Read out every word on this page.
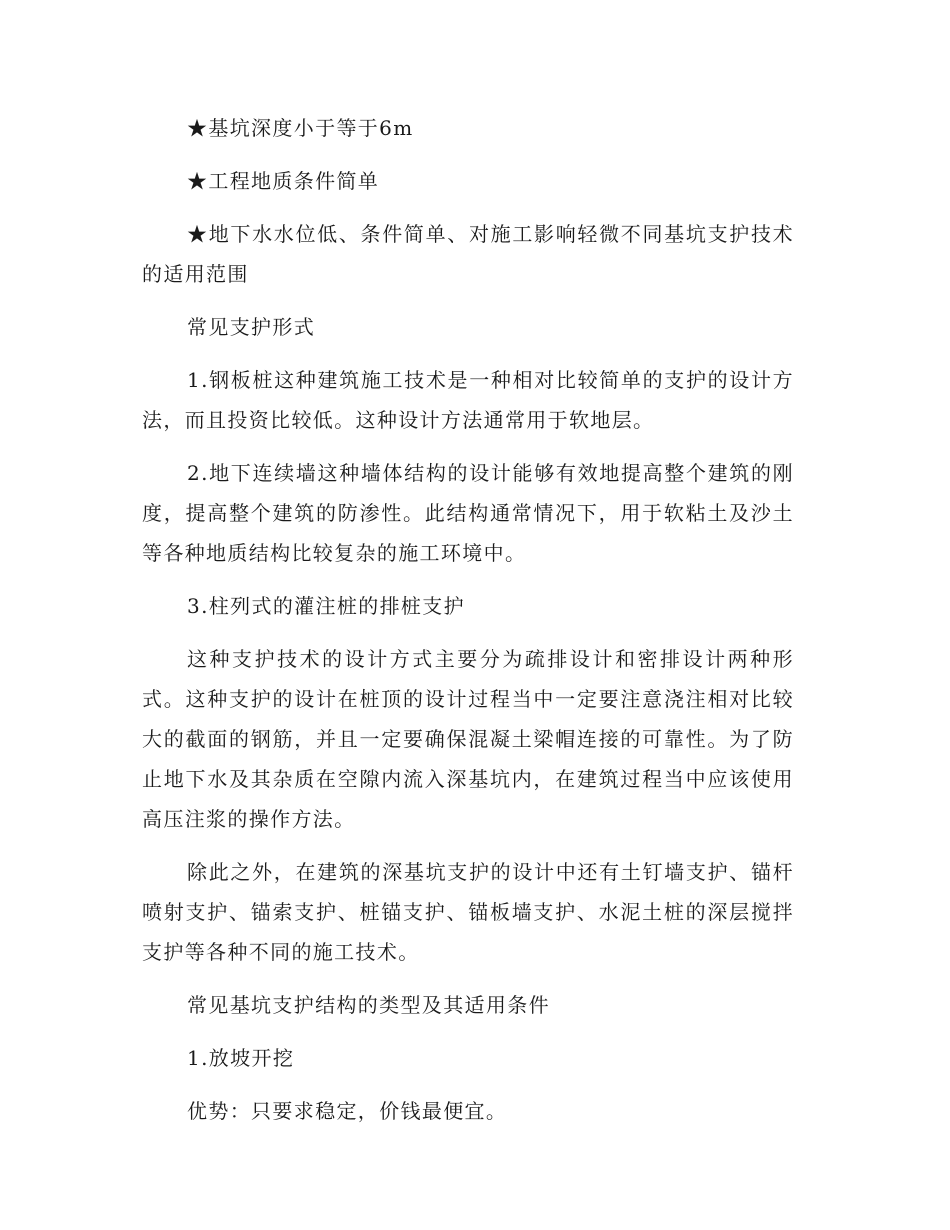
★基坑深度小于等于6m

★工程地质条件简单

★地下水水位低、条件简单、对施工影响轻微不同基坑支护技术的适用范围

常见支护形式

1.钢板桩这种建筑施工技术是一种相对比较简单的支护的设计方法，而且投资比较低。这种设计方法通常用于软地层。

2.地下连续墙这种墙体结构的设计能够有效地提高整个建筑的刚度，提高整个建筑的防渗性。此结构通常情况下，用于软粘土及沙土等各种地质结构比较复杂的施工环境中。

3.柱列式的灌注桩的排桩支护

这种支护技术的设计方式主要分为疏排设计和密排设计两种形式。这种支护的设计在桩顶的设计过程当中一定要注意浇注相对比较大的截面的钢筋，并且一定要确保混凝土梁帽连接的可靠性。为了防止地下水及其杂质在空隙内流入深基坑内，在建筑过程当中应该使用高压注浆的操作方法。

除此之外，在建筑的深基坑支护的设计中还有土钉墙支护、锚杆喷射支护、锚索支护、桩锚支护、锚板墙支护、水泥土桩的深层搅拌支护等各种不同的施工技术。

常见基坑支护结构的类型及其适用条件

1.放坡开挖

优势：只要求稳定，价钱最便宜。
